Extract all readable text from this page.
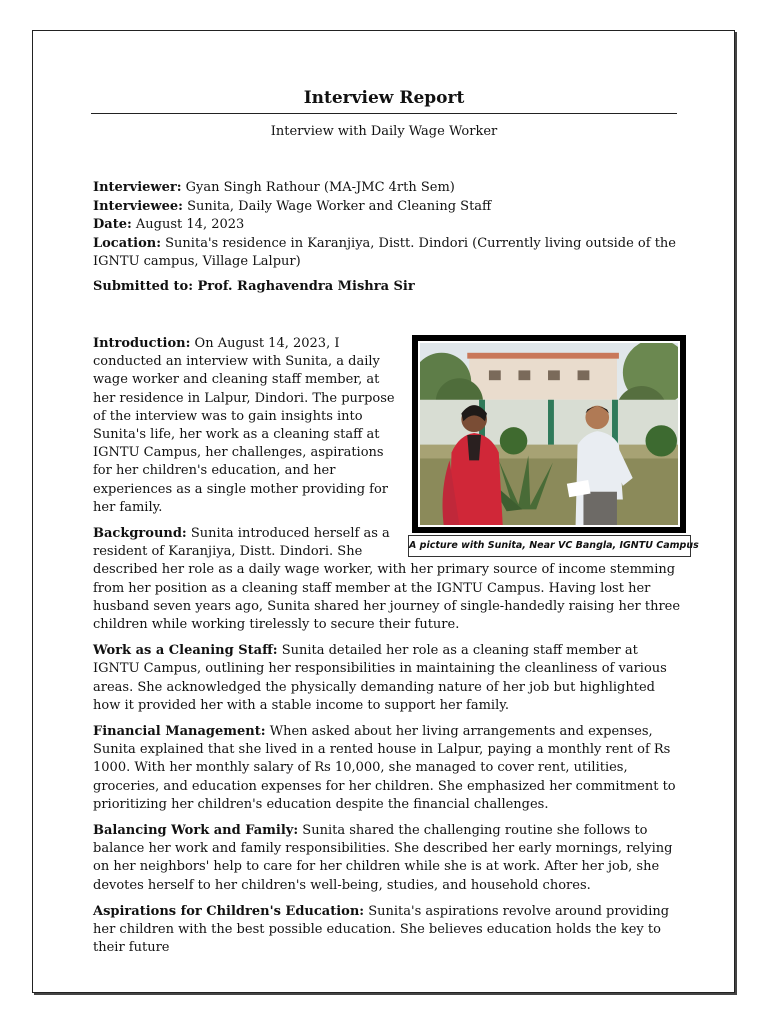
Interview Report
Interview with Daily Wage Worker
Interviewer: Gyan Singh Rathour (MA-JMC 4rth Sem)
Interviewee: Sunita, Daily Wage Worker and Cleaning Staff
Date: August 14, 2023
Location: Sunita's residence in Karanjiya, Distt. Dindori (Currently living outside of the IGNTU campus, Village Lalpur)
Submitted to: Prof. Raghavendra Mishra Sir
A picture with Sunita, Near VC Bangla, IGNTU Campus

Introduction: On August 14, 2023, I conducted an interview with Sunita, a daily wage worker and cleaning staff member, at her residence in Lalpur, Dindori. The purpose of the interview was to gain insights into Sunita's life, her work as a cleaning staff at IGNTU Campus, her challenges, aspirations for her children's education, and her experiences as a single mother providing for her family.

Background: Sunita introduced herself as a resident of Karanjiya, Distt. Dindori. She described her role as a daily wage worker, with her primary source of income stemming from her position as a cleaning staff member at the IGNTU Campus. Having lost her husband seven years ago, Sunita shared her journey of single-handedly raising her three children while working tirelessly to secure their future.

Work as a Cleaning Staff: Sunita detailed her role as a cleaning staff member at IGNTU Campus, outlining her responsibilities in maintaining the cleanliness of various areas. She acknowledged the physically demanding nature of her job but highlighted how it provided her with a stable income to support her family.

Financial Management: When asked about her living arrangements and expenses, Sunita explained that she lived in a rented house in Lalpur, paying a monthly rent of Rs 1000. With her monthly salary of Rs 10,000, she managed to cover rent, utilities, groceries, and education expenses for her children. She emphasized her commitment to prioritizing her children's education despite the financial challenges.

Balancing Work and Family: Sunita shared the challenging routine she follows to balance her work and family responsibilities. She described her early mornings, relying on her neighbors' help to care for her children while she is at work. After her job, she devotes herself to her children's well-being, studies, and household chores.

Aspirations for Children's Education: Sunita's aspirations revolve around providing her children with the best possible education. She believes education holds the key to their future
